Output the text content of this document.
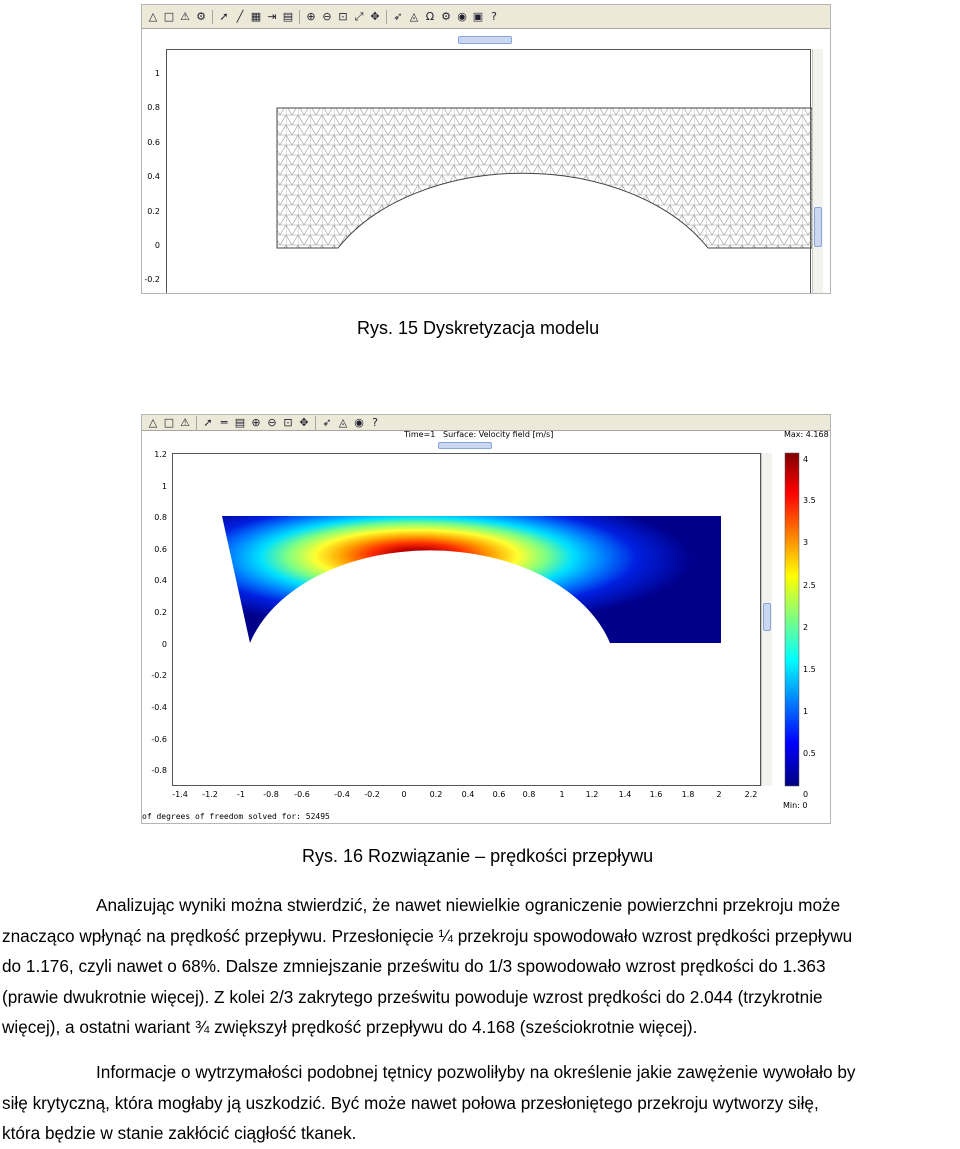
△ □ ⚠ ⚙ ➚ ╱ ▦ ⇥ ▤ ⊕ ⊖ ⊡ ⤢ ✥ ➶ ◬ Ω ⚙ ◉ ▣ ?
1
0.8
0.6
0.4
0.2
0
-0.2
Rys. 15 Dyskretyzacja modelu
△ □ ⚠ ➚ ═ ▤ ⊕ ⊖ ⊡ ✥ ➶ ◬ ◉ ?
Time=1   Surface: Velocity field [m/s]	Max: 4.168
1.2
1
0.8
0.6
0.4
0.2
0
-0.2
-0.4
-0.6
-0.8
-1.4 -1.2 -1 -0.8 -0.6	-0.4 -0.2	0	0.2 0.4 0.6 0.8	1	1.2	1.4 1.6 1.8	2	2.2
4
3.5
3
2.5
2
1.5
1
0.5
0
Min: 0
of degrees of freedom solved for: 52495
Rys. 16 Rozwiązanie – prędkości przepływu

Analizując wyniki można stwierdzić, że nawet niewielkie ograniczenie powierzchni przekroju może

znacząco wpłynąć na prędkość przepływu. Przesłonięcie ¼ przekroju spowodowało wzrost prędkości przepływu

do 1.176, czyli nawet o 68%. Dalsze zmniejszanie prześwitu do 1/3 spowodowało wzrost prędkości do 1.363

(prawie dwukrotnie więcej). Z kolei 2/3 zakrytego prześwitu powoduje wzrost prędkości do 2.044 (trzykrotnie

więcej), a ostatni wariant ¾ zwiększył prędkość przepływu do 4.168 (sześciokrotnie więcej).

Informacje o wytrzymałości podobnej tętnicy pozwoliłyby na określenie jakie zawężenie wywołało by

siłę krytyczną, która mogłaby ją uszkodzić. Być może nawet połowa przesłoniętego przekroju wytworzy siłę,

która będzie w stanie zakłócić ciągłość tkanek.
